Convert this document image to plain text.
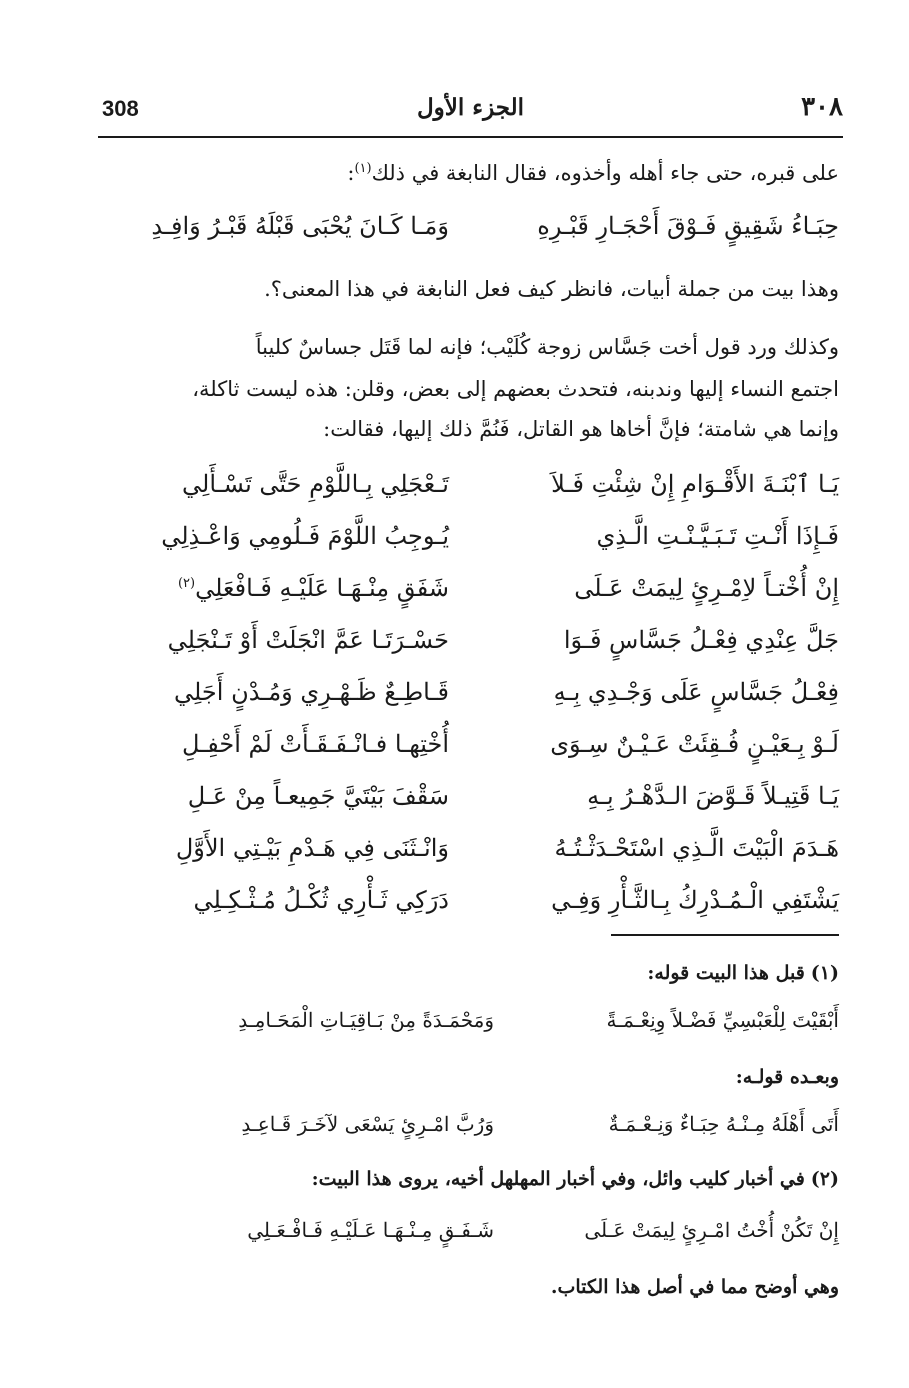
٣٠٨
الجزء الأول
308
على قبره، حتى جاء أهله وأخذوه، فقال النابغة في ذلك$^{(١)}$:
حِبَـاءُ شَقِيقٍ فَـوْقَ أَحْجَـارِ قَبْـرِهِ
وَمَـا كَـانَ يُحْبَى قَبْلَهُ قَبْـرُ وَافِـدِ
وهذا بيت من جملة أبيات، فانظر كيف فعل النابغة في هذا المعنى؟.
وكذلك ورد قول أخت جَسَّاس زوجة كُلَيْب؛ فإنه لما قَتَل جساسٌ كليباً
اجتمع النساء إليها وندبنه، فتحدث بعضهم إلى بعض، وقلن: هذه ليست ثاكلة،
وإنما هي شامتة؛ فإنَّ أخاها هو القاتل، فَنُمَّ ذلك إليها، فقالت:
يَـا ٱبْنَـةَ الأَقْـوَامِ إِنْ شِئْتِ فَـلاَ
تَـعْجَلِي بِـاللَّوْمِ حَتَّى تَسْـأَلِي
فَـإِذَا أَنْـتِ تَـبَـيَّـنْـتِ الَّـذِي
يُـوجِبُ اللَّوْمَ فَـلُومِي وَاعْـذِلِي
إِنْ أُخْتـاً لاِمْـرِئٍ لِيمَتْ عَـلَى
شَفَقٍ مِنْـهَـا عَلَيْـهِ فَـافْعَلِي$^{(٢)}$
جَلَّ عِنْدِي فِعْـلُ جَسَّاسٍ فَـوَا
حَسْـرَتَـا عَمَّ انْجَلَتْ أَوْ تَـنْجَلِي
فِعْـلُ جَسَّاسٍ عَلَى وَجْـدِي بِـهِ
قَـاطِـعٌ ظَـهْـرِي وَمُـدْنٍ أَجَلِي
لَـوْ بِـعَيْـنٍ فُـقِئَتْ عَـيْـنٌ سِـوَى
أُخْتِهـا فـانْـفَـقَـأَتْ لَمْ أَحْفِـلِ
يَـا قَتِيـلاً قَـوَّضَ الـدَّهْـرُ بِـهِ
سَقْفَ بَيْتَيَّ جَمِيعـاً مِنْ عَـلِ
هَـدَمَ الْبَيْتَ الَّـذِي اسْتَحْـدَثْـتُـهُ
وَانْـثَنَى فِي هَـدْمِ بَيْـتِي الأَوَّلِ
يَشْتَفِي الْـمُـدْرِكُ بِـالثَّـأْرِ وَفِـي
دَرَكِي ثَـأْرِي ثُكْـلُ مُـثْـكِـلِي
(١)قبل هذا البيت قوله:
أَبْقَيْتَ لِلْعَبْسِيِّ فَضْـلاً وِنِعْـمَـةً
وَمَحْمَـدَةً مِنْ بَـاقِيَـاتِ الْمَحَـامِـدِ
وبعـده قولـه:
أَتَى أَهْلَهُ مِـنْـهُ حِبَـاءٌ وَنِـعْـمَـةٌ
وَرُبَّ امْـرِئٍ يَسْعَى لآخَـرَ قَـاعِـدِ
(٢)في أخبار كليب وائل، وفي أخبار المهلهل أخيه، يروى هذا البيت:
إِنْ تَكُنْ أُخْتُ امْـرِئٍ لِيمَتْ عَـلَى
شَـفَـقٍ مِـنْـهَـا عَـلَيْـهِ فَـافْـعَـلِي
وهي أوضح مما في أصل هذا الكتاب.
